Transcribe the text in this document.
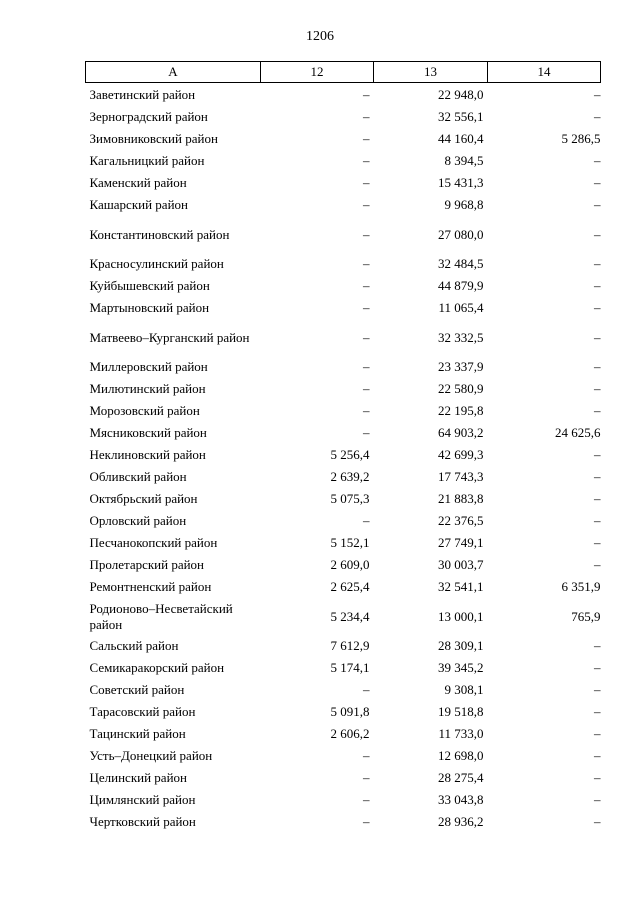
1206
А	12	13	14
Заветинский район	–	22 948,0	–
Зерноградский район	–	32 556,1	–
Зимовниковский район	–	44 160,4	5 286,5
Кагальницкий район	–	8 394,5	–
Каменский район	–	15 431,3	–
Кашарский район	–	9 968,8	–
Константиновский район	–	27 080,0	–
Красносулинский район	–	32 484,5	–
Куйбышевский район	–	44 879,9	–
Мартыновский район	–	11 065,4	–
Матвеево–Курганский район	–	32 332,5	–
Миллеровский район	–	23 337,9	–
Милютинский район	–	22 580,9	–
Морозовский район	–	22 195,8	–
Мясниковский район	–	64 903,2	24 625,6
Неклиновский район	5 256,4	42 699,3	–
Обливский район	2 639,2	17 743,3	–
Октябрьский район	5 075,3	21 883,8	–
Орловский район	–	22 376,5	–
Песчанокопский район	5 152,1	27 749,1	–
Пролетарский район	2 609,0	30 003,7	–
Ремонтненский район	2 625,4	32 541,1	6 351,9
Родионово–Несветайский район	5 234,4	13 000,1	765,9
Сальский район	7 612,9	28 309,1	–
Семикаракорский район	5 174,1	39 345,2	–
Советский район	–	9 308,1	–
Тарасовский район	5 091,8	19 518,8	–
Тацинский район	2 606,2	11 733,0	–
Усть–Донецкий район	–	12 698,0	–
Целинский район	–	28 275,4	–
Цимлянский район	–	33 043,8	–
Чертковский район	–	28 936,2	–
